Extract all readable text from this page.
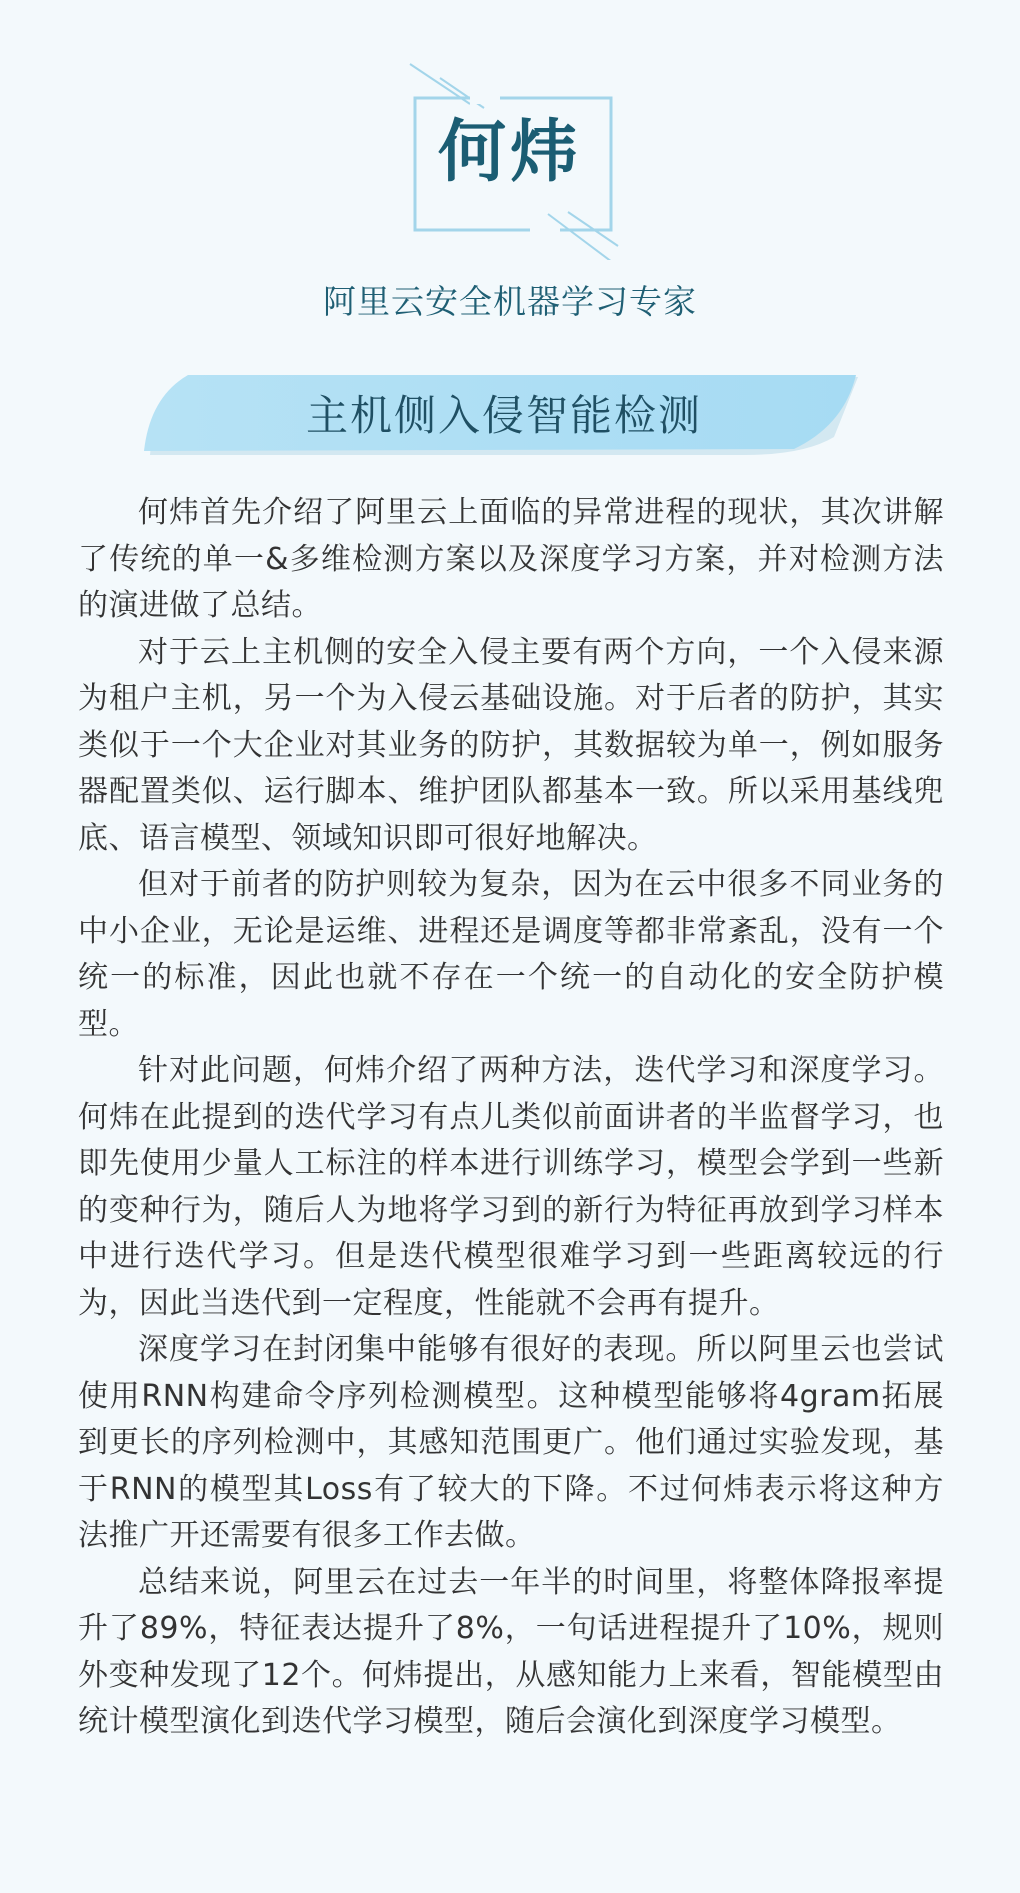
何炜
阿里云安全机器学习专家
主机侧入侵智能检测

何炜首先介绍了阿里云上面临的异常进程的现状，其次讲解了传统的单一&多维检测方案以及深度学习方案，并对检测方法的演进做了总结。

对于云上主机侧的安全入侵主要有两个方向，一个入侵来源为租户主机，另一个为入侵云基础设施。对于后者的防护，其实类似于一个大企业对其业务的防护，其数据较为单一，例如服务器配置类似、运行脚本、维护团队都基本一致。所以采用基线兜底、语言模型、领域知识即可很好地解决。

但对于前者的防护则较为复杂，因为在云中很多不同业务的中小企业，无论是运维、进程还是调度等都非常紊乱，没有一个统一的标准，因此也就不存在一个统一的自动化的安全防护模型。

针对此问题，何炜介绍了两种方法，迭代学习和深度学习。何炜在此提到的迭代学习有点儿类似前面讲者的半监督学习，也即先使用少量人工标注的样本进行训练学习，模型会学到一些新的变种行为，随后人为地将学习到的新行为特征再放到学习样本中进行迭代学习。但是迭代模型很难学习到一些距离较远的行为，因此当迭代到一定程度，性能就不会再有提升。

深度学习在封闭集中能够有很好的表现。所以阿里云也尝试使用RNN构建命令序列检测模型。这种模型能够将4gram拓展到更长的序列检测中，其感知范围更广。他们通过实验发现，基于RNN的模型其Loss有了较大的下降。不过何炜表示将这种方法推广开还需要有很多工作去做。

总结来说，阿里云在过去一年半的时间里，将整体降报率提升了89%，特征表达提升了8%，一句话进程提升了10%，规则外变种发现了12个。何炜提出，从感知能力上来看，智能模型由统计模型演化到迭代学习模型，随后会演化到深度学习模型。
